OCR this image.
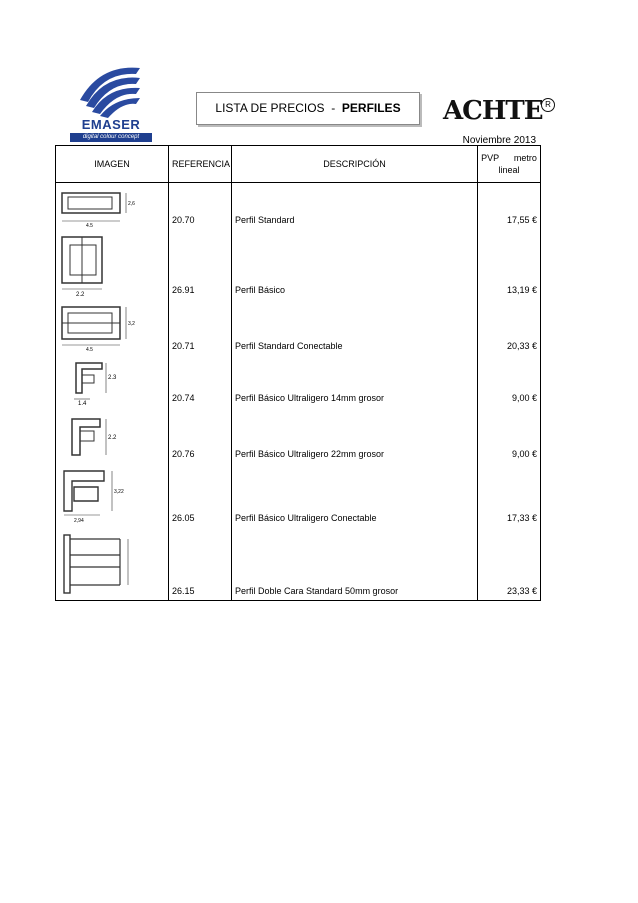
EMASER
digital colour concept
LISTA DE PRECIOS  -  PERFILES	ACHTE R
Noviembre 2013
IMAGEN	REFERENCIA	DESCRIPCIÓN	PVP      metro
lineal

2,6
4,5	20.70	Perfil Standard	17,55 €

2.2	26.91	Perfil Básico	13,19 €

3,2
4,5	20.71	Perfil Standard Conectable	20,33 €

2.3
1,4	20.74	Perfil Básico Ultraligero 14mm grosor	9,00 €

2.2	20.76	Perfil Básico Ultraligero 22mm grosor	9,00 €

3,22
2,94	26.05	Perfil Básico Ultraligero Conectable	17,33 €

	26.15	Perfil Doble Cara Standard 50mm grosor	23,33 €
